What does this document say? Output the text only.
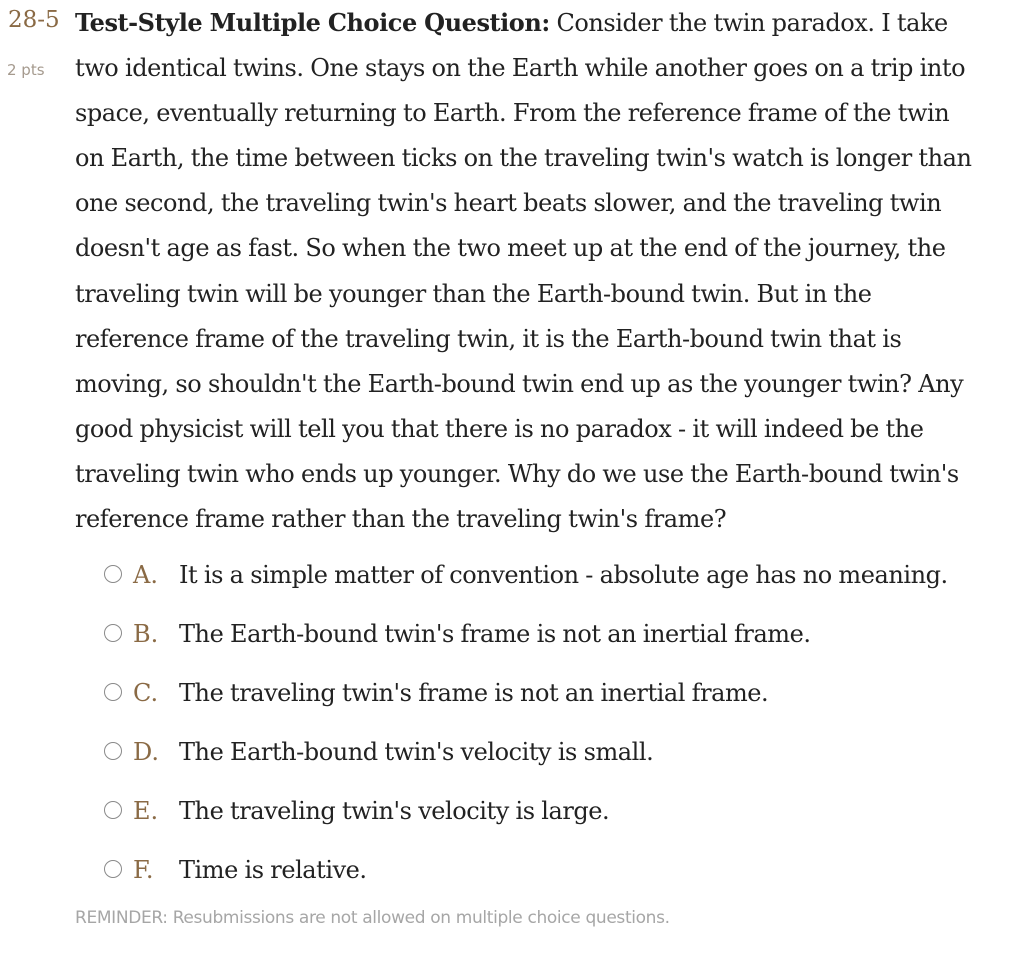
28-5
2 pts
Test-Style Multiple Choice Question: Consider the twin paradox. I take
two identical twins. One stays on the Earth while another goes on a trip into
space, eventually returning to Earth. From the reference frame of the twin
on Earth, the time between ticks on the traveling twin's watch is longer than
one second, the traveling twin's heart beats slower, and the traveling twin
doesn't age as fast. So when the two meet up at the end of the journey, the
traveling twin will be younger than the Earth-bound twin. But in the
reference frame of the traveling twin, it is the Earth-bound twin that is
moving, so shouldn't the Earth-bound twin end up as the younger twin? Any
good physicist will tell you that there is no paradox - it will indeed be the
traveling twin who ends up younger. Why do we use the Earth-bound twin's
reference frame rather than the traveling twin's frame?
A. It is a simple matter of convention - absolute age has no meaning.
B. The Earth-bound twin's frame is not an inertial frame.
C. The traveling twin's frame is not an inertial frame.
D. The Earth-bound twin's velocity is small.
E. The traveling twin's velocity is large.
F.	Time is relative.
REMINDER: Resubmissions are not allowed on multiple choice questions.
